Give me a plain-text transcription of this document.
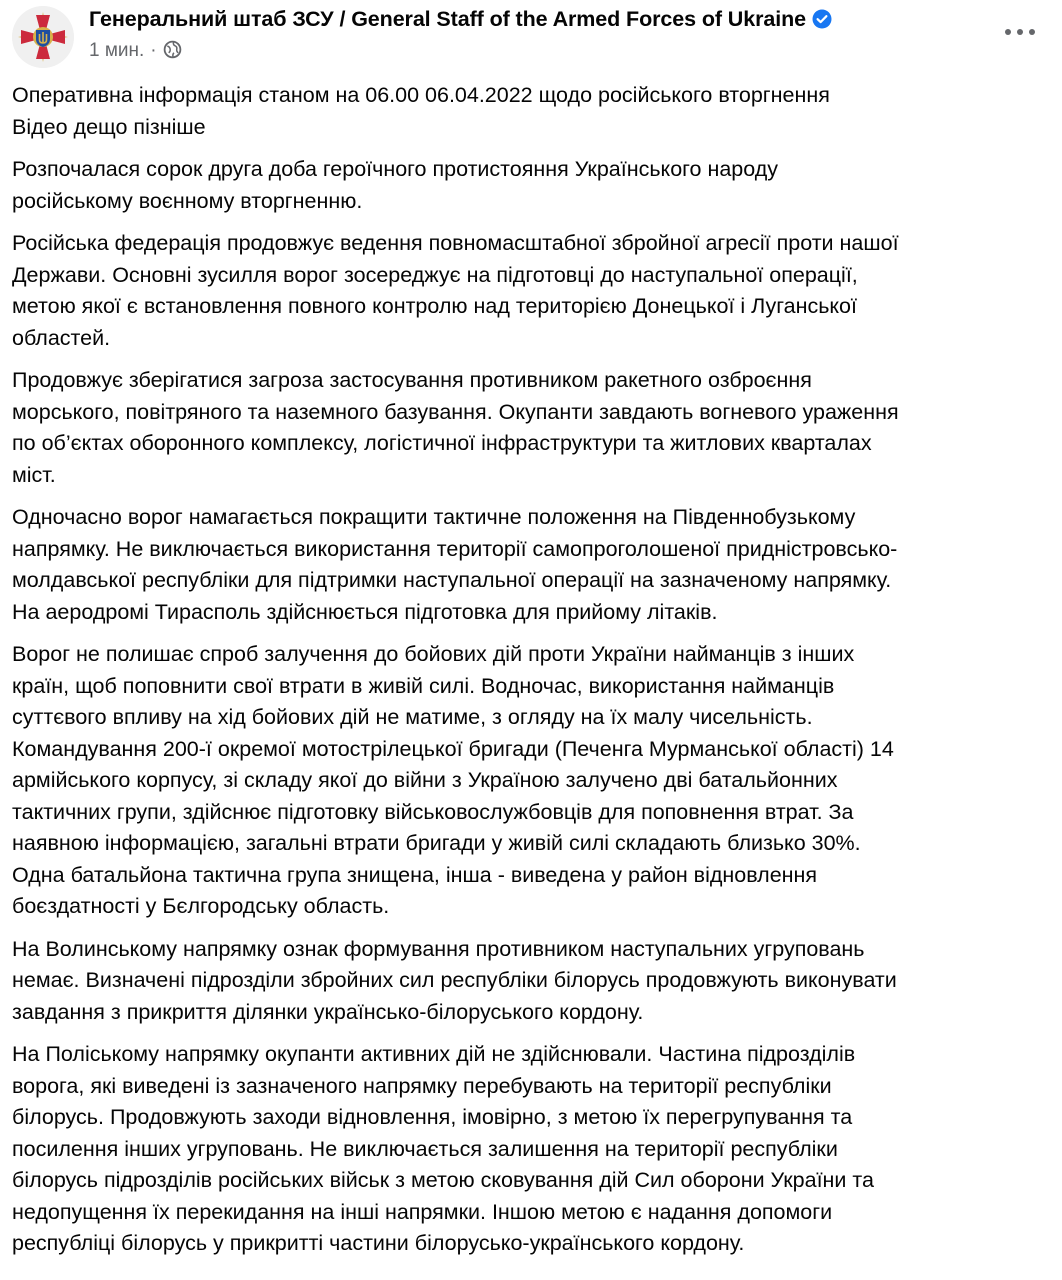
Генеральний штаб ЗСУ / General Staff of the Armed Forces of Ukraine
1 мин. ·

Оперативна інформація станом на 06.00 06.04.2022 щодо російського вторгнення
Відео дещо пізніше

Розпочалася сорок друга доба героїчного протистояння Українського народу
російському воєнному вторгненню.

Російська федерація продовжує ведення повномасштабної збройної агресії проти нашої
Держави. Основні зусилля ворог зосереджує на підготовці до наступальної операції,
метою якої є встановлення повного контролю над територією Донецької і Луганської
областей.

Продовжує зберігатися загроза застосування противником ракетного озброєння
морського, повітряного та наземного базування. Окупанти завдають вогневого ураження
по об’єктах оборонного комплексу, логістичної інфраструктури та житлових кварталах
міст.

Одночасно ворог намагається покращити тактичне положення на Південнобузькому
напрямку. Не виключається використання території самопроголошеної придністровсько-
молдавської республіки для підтримки наступальної операції на зазначеному напрямку.
На аеродромі Тирасполь здійснюється підготовка для прийому літаків.

Ворог не полишає спроб залучення до бойових дій проти України найманців з інших
країн, щоб поповнити свої втрати в живій силі. Водночас, використання найманців
суттєвого впливу на хід бойових дій не матиме, з огляду на їх малу чисельність.
Командування 200-ї окремої мотострілецької бригади (Печенга Мурманської області) 14
армійського корпусу, зі складу якої до війни з Україною залучено дві батальйонних
тактичних групи, здійснює підготовку військовослужбовців для поповнення втрат. За
наявною інформацією, загальні втрати бригади у живій силі складають близько 30%.
Одна батальйона тактична група знищена, інша - виведена у район відновлення
боєздатності у Бєлгородську область.

На Волинському напрямку ознак формування противником наступальних угруповань
немає. Визначені підрозділи збройних сил республіки білорусь продовжують виконувати
завдання з прикриття ділянки українсько-білоруського кордону.

На Поліському напрямку окупанти активних дій не здійснювали. Частина підрозділів
ворога, які виведені із зазначеного напрямку перебувають на території республіки
білорусь. Продовжують заходи відновлення, імовірно, з метою їх перегрупування та
посилення інших угруповань. Не виключається залишення на території республіки
білорусь підрозділів російських військ з метою сковування дій Сил оборони України та
недопущення їх перекидання на інші напрямки. Іншою метою є надання допомоги
республіці білорусь у прикритті частини білорусько-українського кордону.
